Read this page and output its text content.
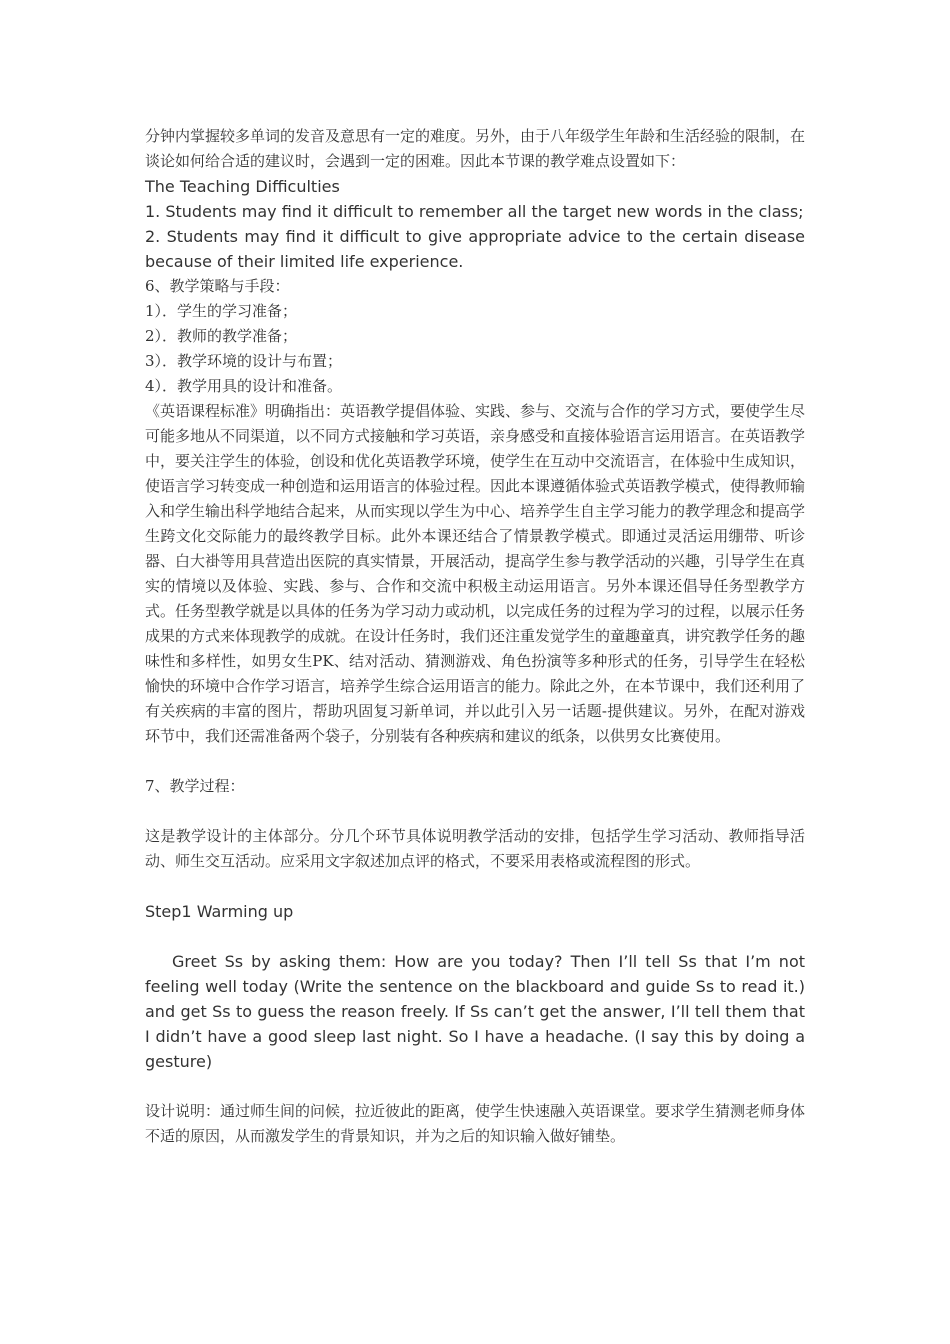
分钟内掌握较多单词的发音及意思有一定的难度。另外，由于八年级学生年龄和生活经验的限制，在谈论如何给合适的建议时，会遇到一定的困难。因此本节课的教学难点设置如下：

The Teaching Difficulties

1. Students may find it difficult to remember all the target new words in the class;

2. Students may find it difficult to give appropriate advice to the certain disease because of their limited life experience.

6、教学策略与手段：

1）．学生的学习准备；

2）．教师的教学准备；

3）．教学环境的设计与布置；

4）．教学用具的设计和准备。

《英语课程标准》明确指出：英语教学提倡体验、实践、参与、交流与合作的学习方式，要使学生尽可能多地从不同渠道，以不同方式接触和学习英语，亲身感受和直接体验语言运用语言。在英语教学中，要关注学生的体验，创设和优化英语教学环境，使学生在互动中交流语言，在体验中生成知识，使语言学习转变成一种创造和运用语言的体验过程。因此本课遵循体验式英语教学模式，使得教师输入和学生输出科学地结合起来，从而实现以学生为中心、培养学生自主学习能力的教学理念和提高学生跨文化交际能力的最终教学目标。此外本课还结合了情景教学模式。即通过灵活运用绷带、听诊器、白大褂等用具营造出医院的真实情景，开展活动，提高学生参与教学活动的兴趣，引导学生在真实的情境以及体验、实践、参与、合作和交流中积极主动运用语言。另外本课还倡导任务型教学方式。任务型教学就是以具体的任务为学习动力或动机，以完成任务的过程为学习的过程，以展示任务成果的方式来体现教学的成就。在设计任务时，我们还注重发觉学生的童趣童真，讲究教学任务的趣味性和多样性，如男女生PK、结对活动、猜测游戏、角色扮演等多种形式的任务，引导学生在轻松愉快的环境中合作学习语言，培养学生综合运用语言的能力。除此之外，在本节课中，我们还利用了有关疾病的丰富的图片，帮助巩固复习新单词，并以此引入另一话题-提供建议。另外，在配对游戏环节中，我们还需准备两个袋子，分别装有各种疾病和建议的纸条，以供男女比赛使用。

7、教学过程：

这是教学设计的主体部分。分几个环节具体说明教学活动的安排，包括学生学习活动、教师指导活动、师生交互活动。应采用文字叙述加点评的格式，不要采用表格或流程图的形式。

Step1 Warming up

Greet Ss by asking them: How are you today? Then I’ll tell Ss that I’m not feeling well today (Write the sentence on the blackboard and guide Ss to read it.) and get Ss to guess the reason freely. If Ss can’t get the answer, I’ll tell them that I didn’t have a good sleep last night. So I have a headache. (I say this by doing a gesture)

设计说明：通过师生间的问候，拉近彼此的距离，使学生快速融入英语课堂。要求学生猜测老师身体不适的原因，从而激发学生的背景知识，并为之后的知识输入做好铺垫。
